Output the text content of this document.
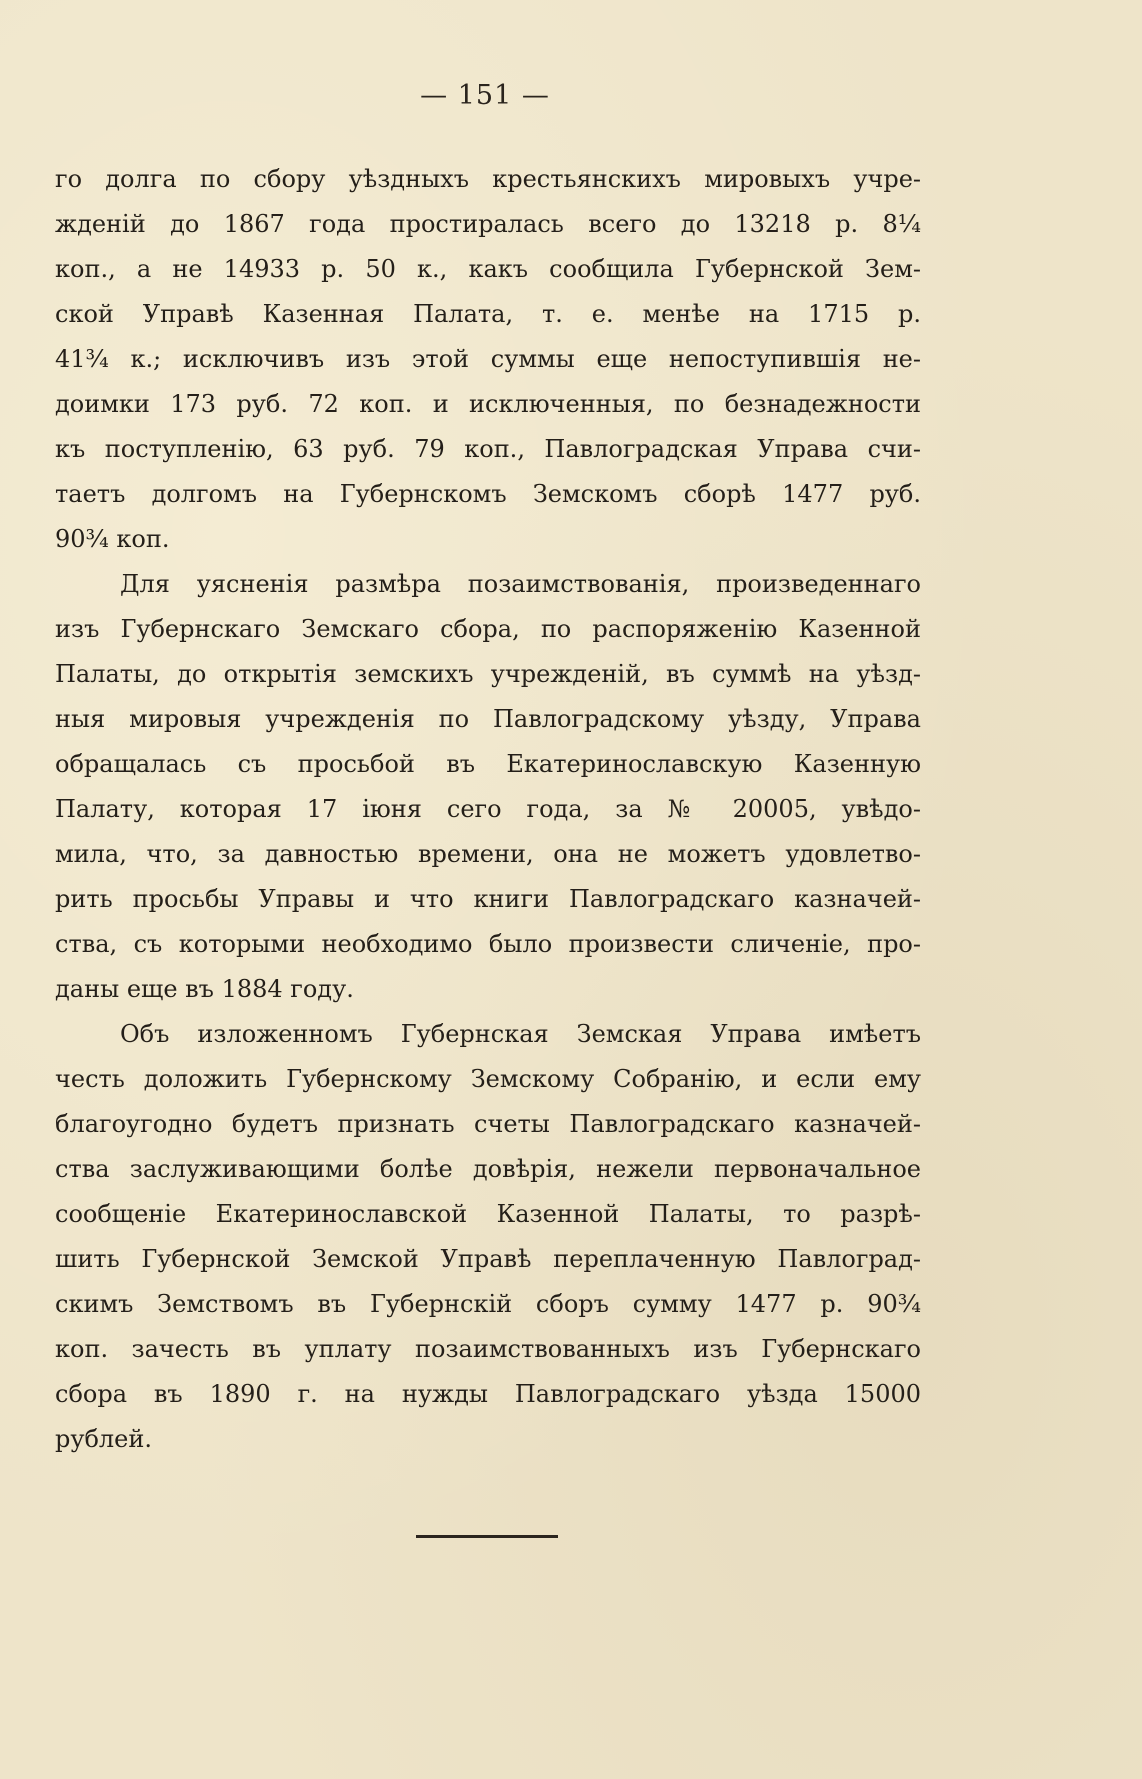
— 151 —
го долга по сбору уѣздныхъ крестьянскихъ мировыхъ учре-
жденій до 1867 года простиралась всего до 13218 р. 8¼
коп., а не 14933 р. 50 к., какъ сообщила Губернской Зем-
ской Управѣ Казенная Палата, т. е. менѣе на 1715 р.
41¾ к.; исключивъ изъ этой суммы еще непоступившія не-
доимки 173 руб. 72 коп. и исключенныя, по безнадежности
къ поступленію, 63 руб. 79 коп., Павлоградская Управа счи-
таетъ долгомъ на Губернскомъ Земскомъ сборѣ 1477 руб.
90¾ коп.
Для уясненія размѣра позаимствованія, произведеннаго
изъ Губернскаго Земскаго сбора, по распоряженію Казенной
Палаты, до открытія земскихъ учрежденій, въ суммѣ на уѣзд-
ныя мировыя учрежденія по Павлоградскому уѣзду, Управа
обращалась съ просьбой въ Екатеринославскую Казенную
Палату, которая 17 іюня сего года, за № 20005, увѣдо-
мила, что, за давностью времени, она не можетъ удовлетво-
рить просьбы Управы и что книги Павлоградскаго казначей-
ства, съ которыми необходимо было произвести сличеніе, про-
даны еще въ 1884 году.
Объ изложенномъ Губернская Земская Управа имѣетъ
честь доложить Губернскому Земскому Собранію, и если ему
благоугодно будетъ признать счеты Павлоградскаго казначей-
ства заслуживающими болѣе довѣрія, нежели первоначальное
сообщеніе Екатеринославской Казенной Палаты, то разрѣ-
шить Губернской Земской Управѣ переплаченную Павлоград-
скимъ Земствомъ въ Губернскій сборъ сумму 1477 р. 90¾
коп. зачесть въ уплату позаимствованныхъ изъ Губернскаго
сбора въ 1890 г. на нужды Павлоградскаго уѣзда 15000
рублей.
